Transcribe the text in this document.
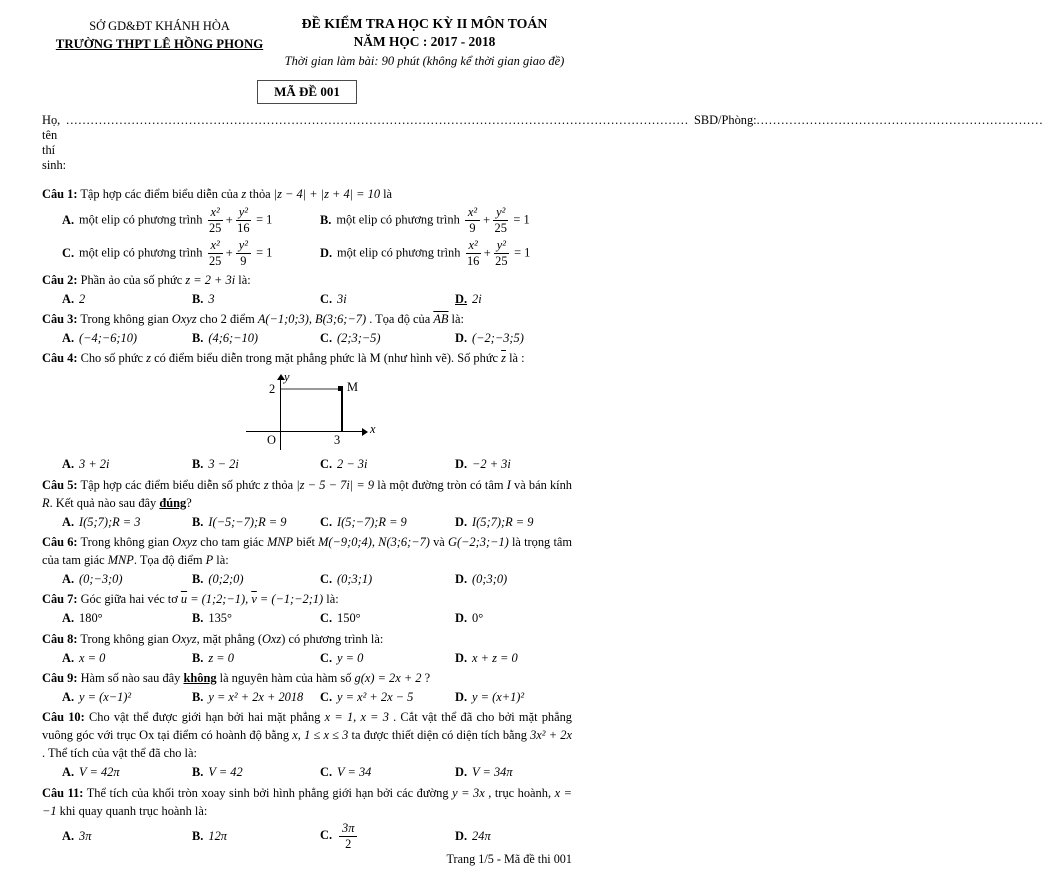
SỞ GD&ĐT KHÁNH HÒA
TRƯỜNG THPT LÊ HỒNG PHONG
ĐỀ KIỂM TRA HỌC KỲ II MÔN TOÁN
NĂM HỌC : 2017 - 2018
Thời gian làm bài: 90 phút (không kể thời gian giao đề)
MÃ ĐỀ 001
Họ, tên thí sinh:
........................................................................................................................................................ SBD/Phòng: ......................................................................

Câu 1: Tập hợp các điểm biểu diễn của z thỏa |z − 4| + |z + 4| = 10 là

A. một elip có phương trình $\frac{\text{x²}}{25} + \frac{\text{y²}}{16} = 1$	B. một elip có phương trình $\frac{\text{x²}}{9} + \frac{\text{y²}}{25} = 1$
C. một elip có phương trình $\frac{\text{x²}}{25} + \frac{\text{y²}}{9} = 1$	D. một elip có phương trình $\frac{\text{x²}}{16} + \frac{\text{y²}}{25} = 1$

Câu 2: Phần ảo của số phức z = 2 + 3i là:

A. 2	B. 3	C. 3i	D. 2i

Câu 3: Trong không gian Oxyz cho 2 điểm A(−1;0;3), B(3;6;−7) . Tọa độ của $\overline{AB}$ là:

A. (−4;−6;10)	B. (4;6;−10)	C. (2;3;−5)	D. (−2;−3;5)

Câu 4: Cho số phức z có điểm biểu diễn trong mặt phẳng phức là M (như hình vẽ). Số phức $\overline{z}$ là :

y
x
O
2
3
M
A. 3 + 2i	B. 3 − 2i	C. 2 − 3i	D. −2 + 3i

Câu 5: Tập hợp các điểm biểu diễn số phức z thỏa |z − 5 − 7i| = 9 là một đường tròn có tâm I và bán kính R. Kết quả nào sau đây đúng?

A. I(5;7);R = 3	B. I(−5;−7);R = 9	C. I(5;−7);R = 9	D. I(5;7);R = 9

Câu 6: Trong không gian Oxyz cho tam giác MNP biết M(−9;0;4), N(3;6;−7) và G(−2;3;−1) là trọng tâm của tam giác MNP. Tọa độ điểm P là:

A. (0;−3;0)	B. (0;2;0)	C. (0;3;1)	D. (0;3;0)

Câu 7: Góc giữa hai véc tơ $\overline{u}$ = (1;2;−1), $\overline{v}$ = (−1;−2;1) là:

A. 180°	B. 135°	C. 150°	D. 0°

Câu 8: Trong không gian Oxyz, mặt phẳng (Oxz) có phương trình là:

A. x = 0	B. z = 0	C. y = 0	D. x + z = 0

Câu 9: Hàm số nào sau đây không là nguyên hàm của hàm số g(x) = 2x + 2 ?

A. y = (x−1)²	B. y = x² + 2x + 2018	C. y = x² + 2x − 5	D. y = (x+1)²

Câu 10: Cho vật thể được giới hạn bởi hai mặt phẳng x = 1, x = 3 . Cắt vật thể đã cho bởi mặt phẳng vuông góc với trục Ox tại điểm có hoành độ bằng x, 1 ≤ x ≤ 3 ta được thiết diện có diện tích bằng 3x² + 2x . Thể tích của vật thể đã cho là:

A. V = 42π	B. V = 42	C. V = 34	D. V = 34π

Câu 11: Thể tích của khối tròn xoay sinh bởi hình phẳng giới hạn bởi các đường y = 3x , trục hoành, x = −1 khi quay quanh trục hoành là:

A. 3π	B. 12π	C. $\frac{3\pi}{2}$	D. 24π
Trang 1/5 - Mã đề thi 001
